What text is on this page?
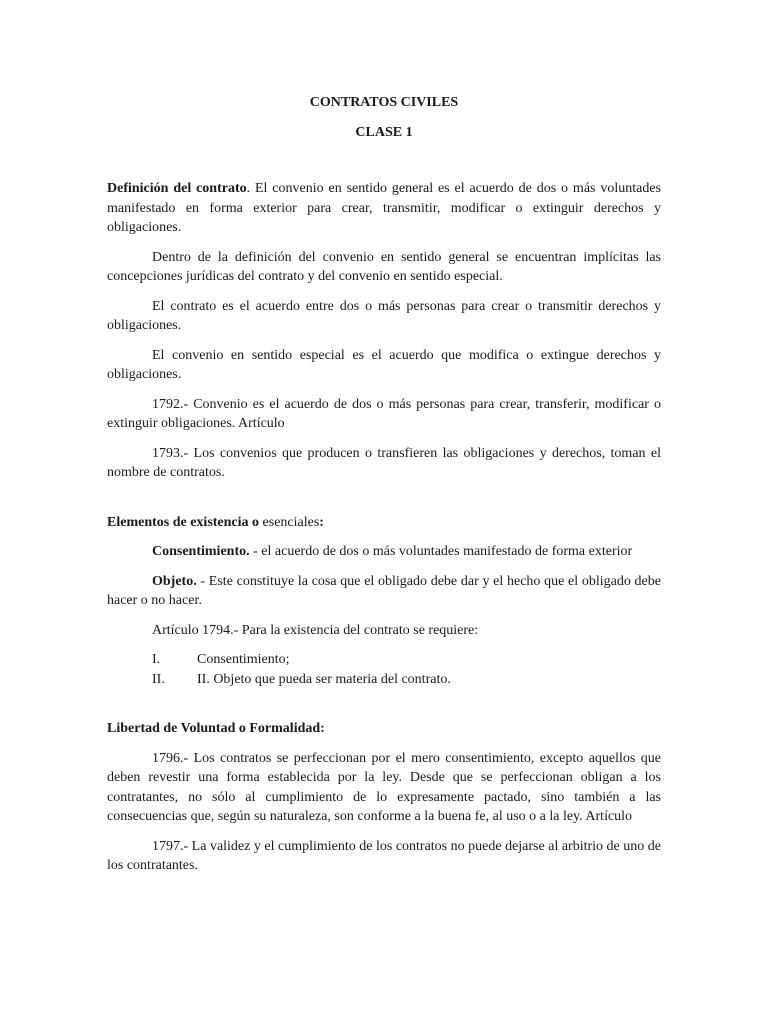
CONTRATOS CIVILES

CLASE 1

Definición del contrato. El convenio en sentido general es el acuerdo de dos o más voluntades manifestado en forma exterior para crear, transmitir, modificar o extinguir derechos y obligaciones.

Dentro de la definición del convenio en sentido general se encuentran implícitas las concepciones jurídicas del contrato y del convenio en sentido especial.

El contrato es el acuerdo entre dos o más personas para crear o transmitir derechos y obligaciones.

El convenio en sentido especial es el acuerdo que modifica o extingue derechos y obligaciones.

1792.- Convenio es el acuerdo de dos o más personas para crear, transferir, modificar o extinguir obligaciones. Artículo

1793.- Los convenios que producen o transfieren las obligaciones y derechos, toman el nombre de contratos.

Elementos de existencia o esenciales:

Consentimiento. - el acuerdo de dos o más voluntades manifestado de forma exterior

Objeto. - Este constituye la cosa que el obligado debe dar y el hecho que el obligado debe hacer o no hacer.

Artículo 1794.- Para la existencia del contrato se requiere:

I.	Consentimiento;
II.	II. Objeto que pueda ser materia del contrato.

Libertad de Voluntad o Formalidad:

1796.- Los contratos se perfeccionan por el mero consentimiento, excepto aquellos que deben revestir una forma establecida por la ley. Desde que se perfeccionan obligan a los contratantes, no sólo al cumplimiento de lo expresamente pactado, sino también a las consecuencias que, según su naturaleza, son conforme a la buena fe, al uso o a la ley. Artículo

1797.- La validez y el cumplimiento de los contratos no puede dejarse al arbitrio de uno de los contratantes.
